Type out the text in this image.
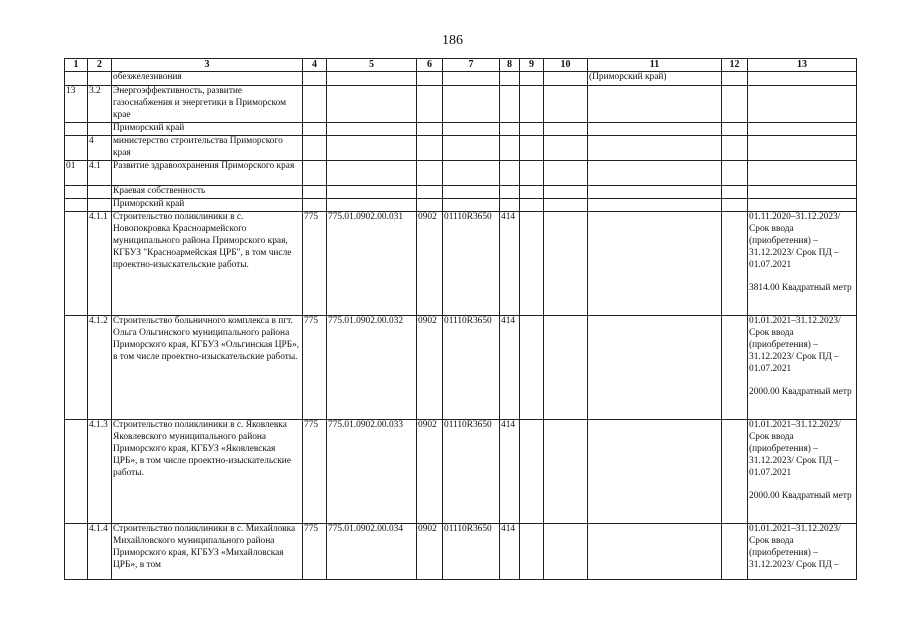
186
1	2	3	4	5	6	7	8	9	10	11	12	13
		обезжелезивония								(Приморский край)		
13	3.2	Энергоэффективность, развитие газоснабжения и энергетики в Приморском крае										
		Приморский край										
	4	министерство строительства Приморского края										
01	4.1	Развитие здравоохранения Приморского края										
		Краевая собственность										
		Приморский край										
	4.1.1	Строительство поликлиники в с. Новопокровка Красноармейского муниципального района Приморского края, КГБУЗ "Красноармейская ЦРБ", в том числе проектно-изыскательские работы.	775	775.01.0902.00.031	0902	01110R3650	414					01.11.2020–31.12.2023/ Срок ввода (приобретения) – 31.12.2023/ Срок ПД – 01.07.2021

3814.00 Квадратный метр
	4.1.2	Строительство больничного комплекса в пгт. Ольга Ольгинского муниципального района Приморского края, КГБУЗ «Ольгинская ЦРБ», в том числе проектно-изыскательские работы.	775	775.01.0902.00.032	0902	01110R3650	414					01.01.2021–31.12.2023/ Срок ввода (приобретения) – 31.12.2023/ Срок ПД – 01.07.2021

2000.00 Квадратный метр
	4.1.3	Строительство поликлиники в с. Яковлевка Яковлевского муниципального района Приморского края, КГБУЗ «Яковлевская ЦРБ», в том числе проектно-изыскательские работы.	775	775.01.0902.00.033	0902	01110R3650	414					01.01.2021–31.12.2023/ Срок ввода (приобретения) – 31.12.2023/ Срок ПД – 01.07.2021

2000.00 Квадратный метр
	4.1.4	Строительство поликлиники в с. Михайловка Михайловского муниципального района Приморского края, КГБУЗ «Михайловская ЦРБ», в том	775	775.01.0902.00.034	0902	01110R3650	414					01.01.2021–31.12.2023/ Срок ввода (приобретения) – 31.12.2023/ Срок ПД –
